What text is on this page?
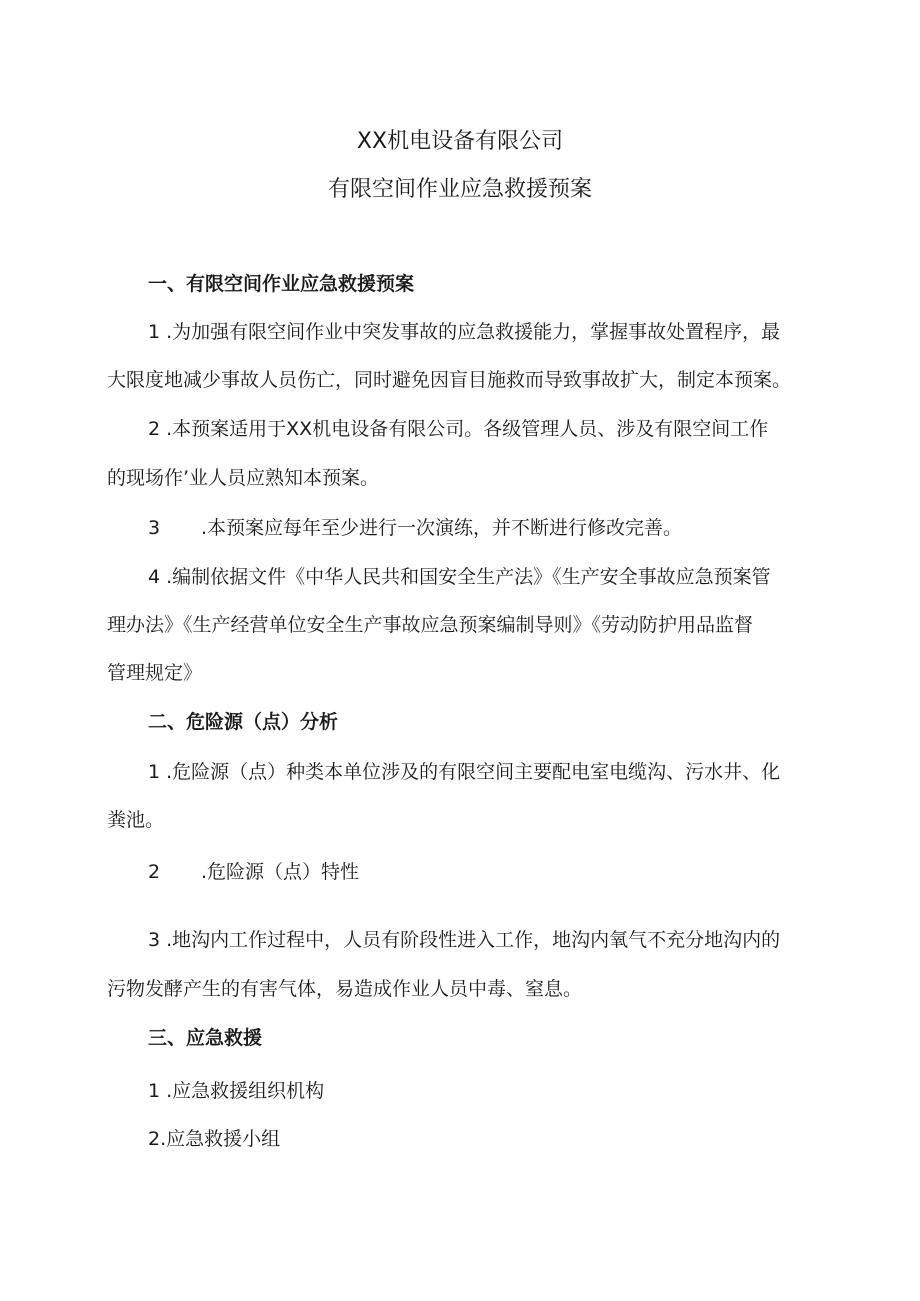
XX机电设备有限公司
有限空间作业应急救援预案
一、有限空间作业应急救援预案
1 .为加强有限空间作业中突发事故的应急救援能力，掌握事故处置程序，最
大限度地减少事故人员伤亡，同时避免因盲目施救而导致事故扩大，制定本预案。
2 .本预案适用于XX机电设备有限公司。各级管理人员、涉及有限空间工作
的现场作’业人员应熟知本预案。
3 .本预案应每年至少进行一次演练，并不断进行修改完善。
4 .编制依据文件《中华人民共和国安全生产法》《生产安全事故应急预案管
理办法》《生产经营单位安全生产事故应急预案编制导则》《劳动防护用品监督
管理规定》
二、危险源（点）分析
1 .危险源（点）种类本单位涉及的有限空间主要配电室电缆沟、污水井、化
粪池。
2 .危险源（点）特性
3 .地沟内工作过程中，人员有阶段性进入工作，地沟内氧气不充分地沟内的
污物发酵产生的有害气体，易造成作业人员中毒、窒息。
三、应急救援
1 .应急救援组织机构
2.应急救援小组
